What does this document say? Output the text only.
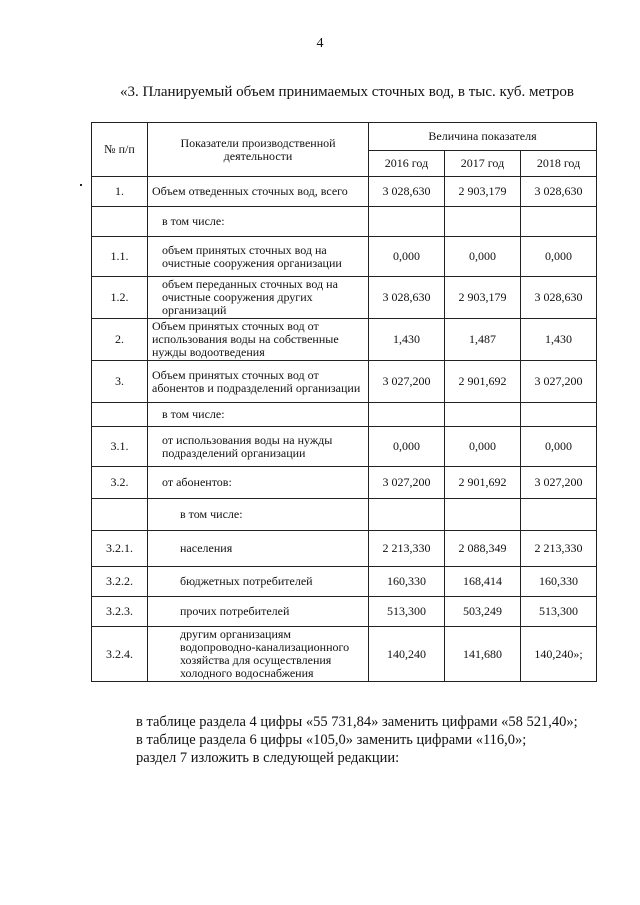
4
«3. Планируемый объем принимаемых сточных вод, в тыс. куб. метров
№ п/п	Показатели производственной деятельности	Величина показателя		
		2016 год	2017 год	2018 год
1.	Объем отведенных сточных вод, всего	3 028,630	2 903,179	3 028,630
	в том числе:			
1.1.	объем принятых сточных вод на очистные сооружения организации	0,000	0,000	0,000
1.2.	объем переданных сточных вод на очистные сооружения других организаций	3 028,630	2 903,179	3 028,630
2.	Объем принятых сточных вод от использования воды на собственные нужды водоотведения	1,430	1,487	1,430
3.	Объем принятых сточных вод от абонентов и подразделений организации	3 027,200	2 901,692	3 027,200
	в том числе:			
3.1.	от использования воды на нужды подразделений организации	0,000	0,000	0,000
3.2.	от абонентов:	3 027,200	2 901,692	3 027,200
	в том числе:			
3.2.1.	населения	2 213,330	2 088,349	2 213,330
3.2.2.	бюджетных потребителей	160,330	168,414	160,330
3.2.3.	прочих потребителей	513,300	503,249	513,300
3.2.4.	другим организациям водопроводно-канализационного хозяйства для осуществления холодного водоснабжения	140,240	141,680	140,240»;
в таблице раздела 4 цифры «55 731,84» заменить цифрами «58 521,40»;
в таблице раздела 6 цифры «105,0» заменить цифрами «116,0»;
раздел 7 изложить в следующей редакции:
